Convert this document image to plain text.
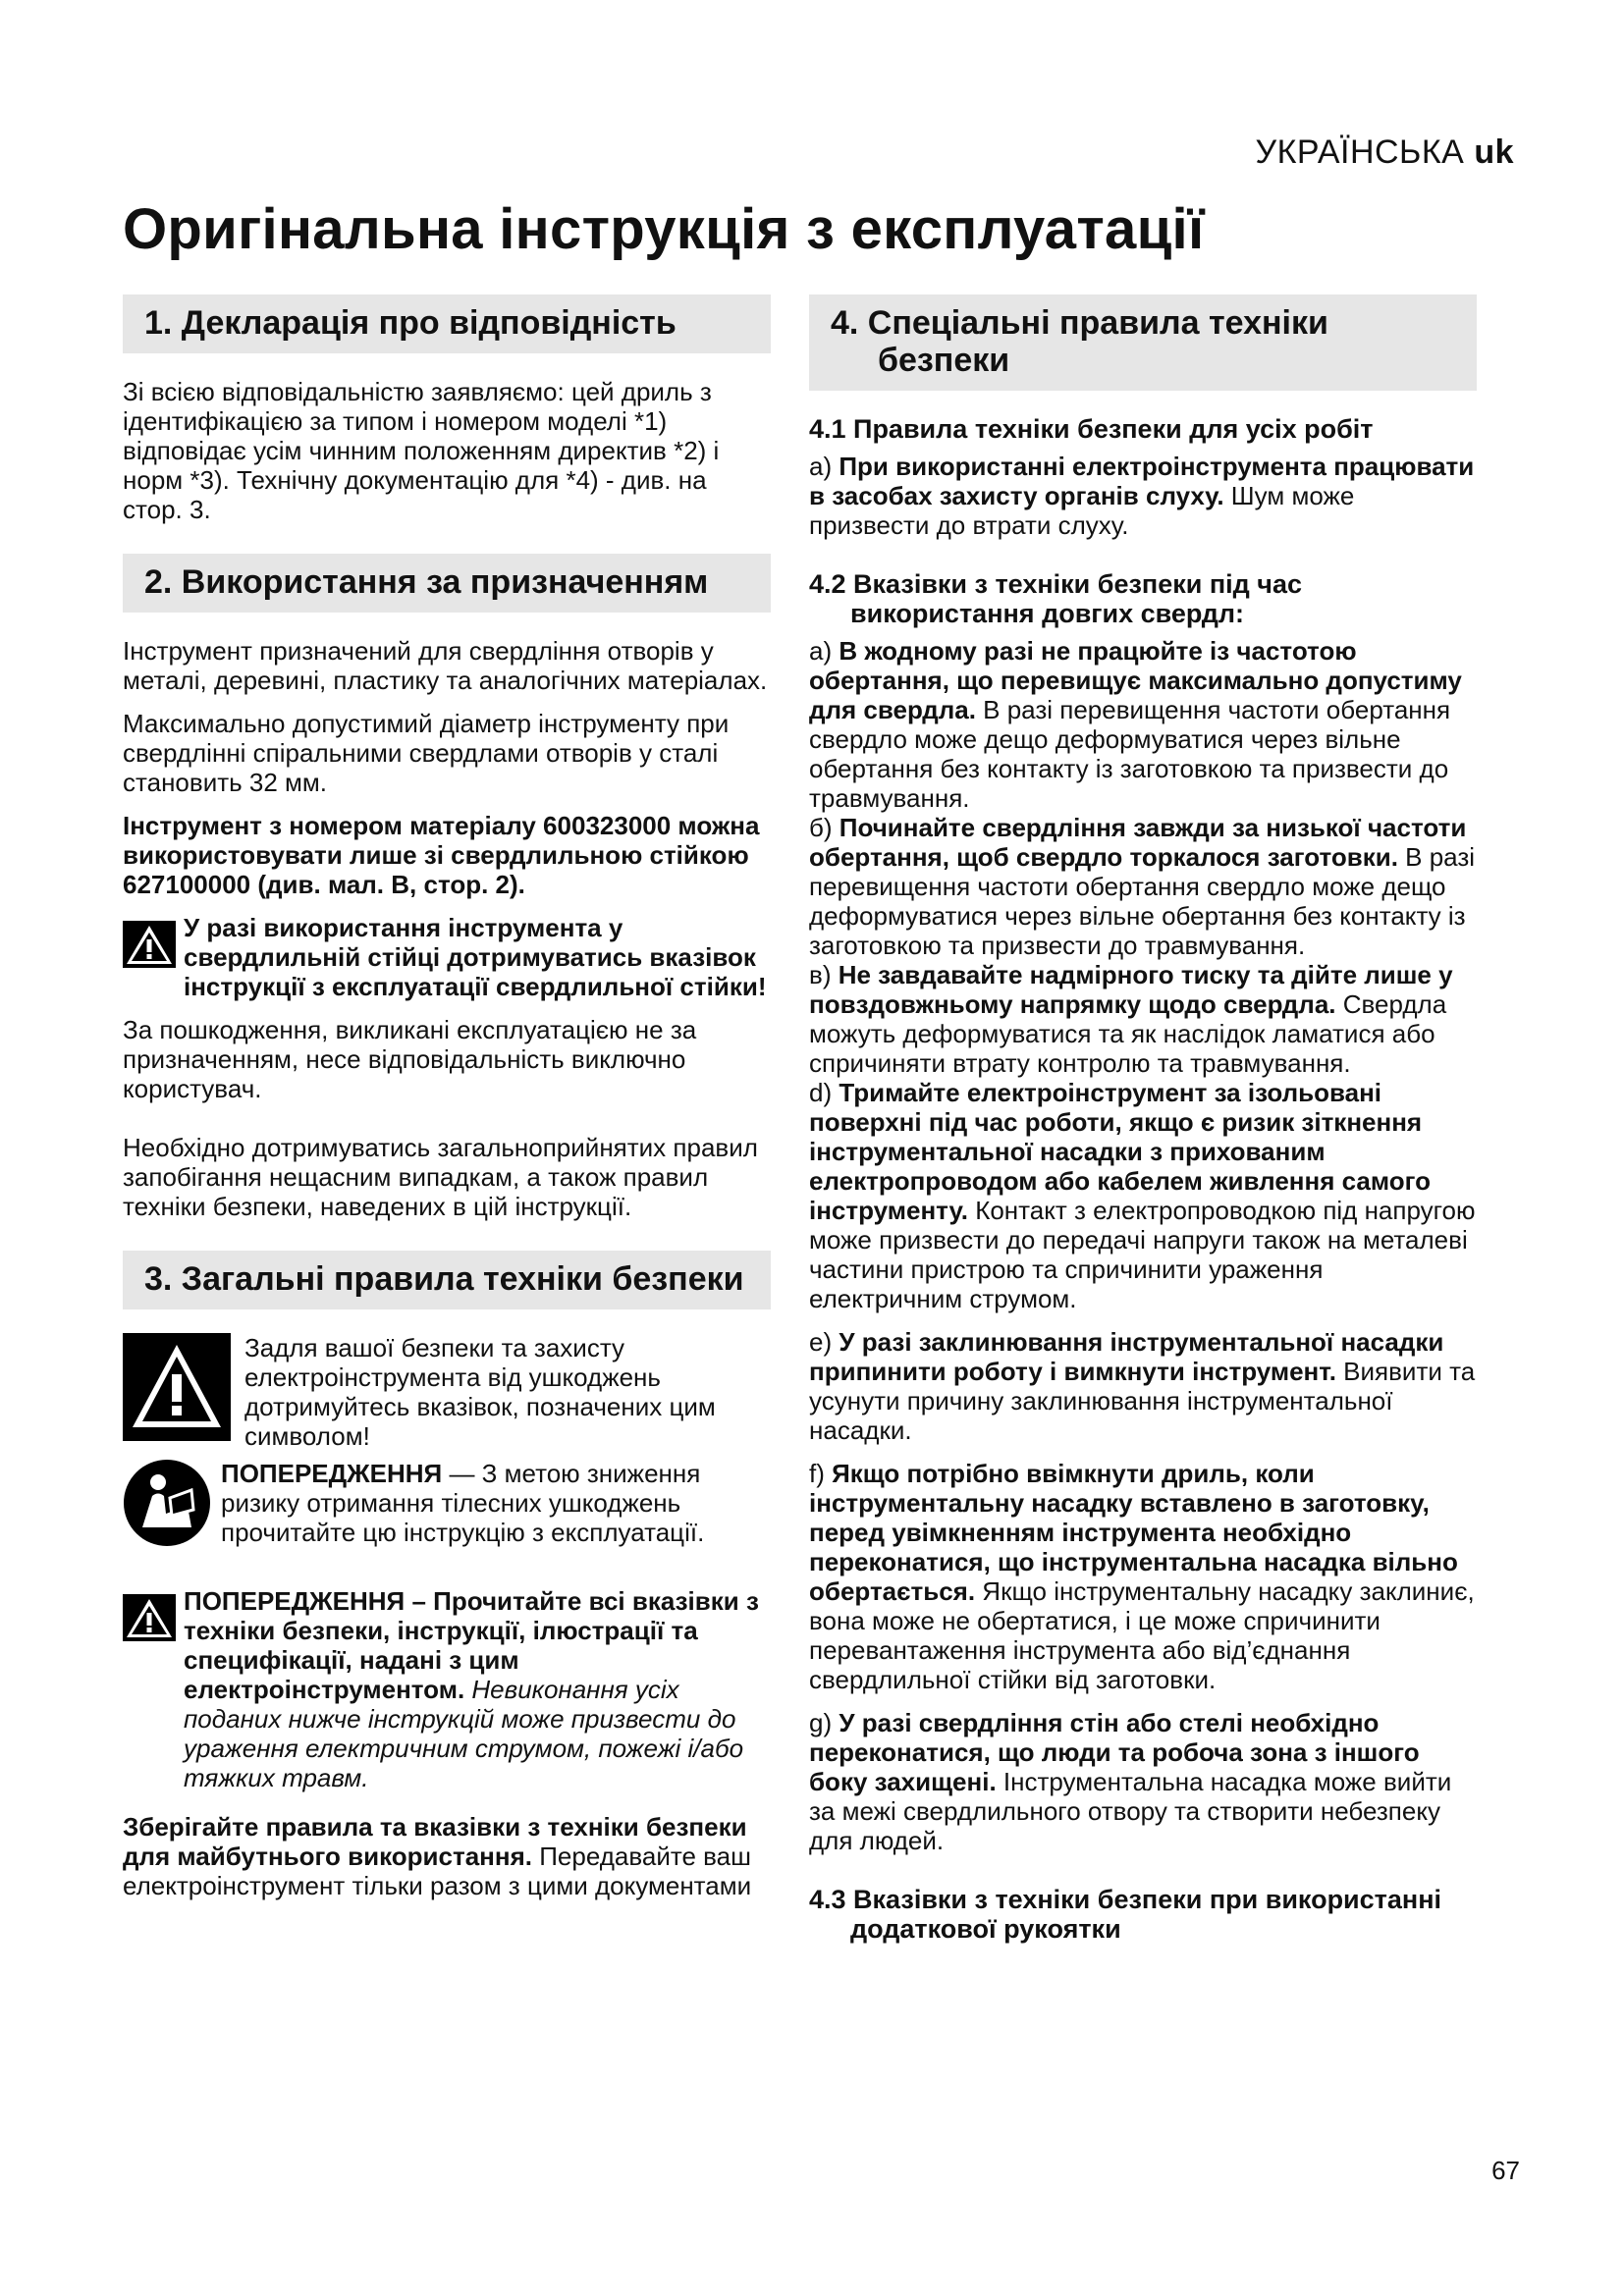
УКРАЇНСЬКА uk
Оригінальна інструкція з експлуатації
1. Декларація про відповідність

Зі всією відповідальністю заявляємо: цей дриль з ідентифікацією за типом і номером моделі *1) відповідає усім чинним положенням директив *2) і норм *3). Технічну документацію для *4) - див. на стор. 3.

2. Використання за призначенням

Інструмент призначений для свердління отворів у металі, деревині, пластику та аналогічних матеріалах.

Максимально допустимий діаметр інструменту при свердлінні спіральними свердлами отворів у сталі становить 32 мм.

Інструмент з номером матеріалу 600323000 можна використовувати лише зі свердлильною стійкою 627100000 (див. мал. B, стор. 2).

У разі використання інструмента у свердлильній стійці дотримуватись вказівок інструкції з експлуатації свердлильної стійки!

За пошкодження, викликані експлуатацією не за призначенням, несе відповідальність виключно користувач.

Необхідно дотримуватись загальноприйнятих правил запобігання нещасним випадкам, а також правил техніки безпеки, наведених в цій інструкції.

3. Загальні правила техніки безпеки

Задля вашої безпеки та захисту електроінструмента від ушкоджень дотримуйтесь вказівок, позначених цим символом!

ПОПЕРЕДЖЕННЯ — З метою зниження ризику отримання тілесних ушкоджень прочитайте цю інструкцію з експлуатації.

ПОПЕРЕДЖЕННЯ – Прочитайте всі вказівки з техніки безпеки, інструкції, ілюстрації та специфікації, надані з цим електроінструментом. Невиконання усіх поданих нижче інструкцій може призвести до ураження електричним струмом, пожежі і/або тяжких травм.

Зберігайте правила та вказівки з техніки безпеки для майбутнього використання. Передавайте ваш електроінструмент тільки разом з цими документами

4. Спеціальні правила техніки безпеки

4.1 Правила техніки безпеки для усіх робіт

а) При використанні електроінструмента працювати в засобах захисту органів слуху. Шум може призвести до втрати слуху.

4.2 Вказівки з техніки безпеки під час використання довгих свердл:

а) В жодному разі не працюйте із частотою обертання, що перевищує максимально допустиму для свердла. В разі перевищення частоти обертання свердло може дещо деформуватися через вільне обертання без контакту із заготовкою та призвести до травмування.

б) Починайте свердління завжди за низької частоти обертання, щоб свердло торкалося заготовки. В разі перевищення частоти обертання свердло може дещо деформуватися через вільне обертання без контакту із заготовкою та призвести до травмування.

в) Не завдавайте надмірного тиску та дійте лише у повздовжньому напрямку щодо свердла. Свердла можуть деформуватися та як наслідок ламатися або спричиняти втрату контролю та травмування.

d) Тримайте електроінструмент за ізольовані поверхні під час роботи, якщо є ризик зіткнення інструментальної насадки з прихованим електропроводом або кабелем живлення самого інструменту. Контакт з електропроводкою під напругою може призвести до передачі напруги також на металеві частини пристрою та спричинити ураження електричним струмом.

e) У разі заклинювання інструментальної насадки припинити роботу і вимкнути інструмент. Виявити та усунути причину заклинювання інструментальної насадки.

f) Якщо потрібно ввімкнути дриль, коли інструментальну насадку вставлено в заготовку, перед увімкненням інструмента необхідно переконатися, що інструментальна насадка вільно обертається. Якщо інструментальну насадку заклиниє, вона може не обертатися, і це може спричинити перевантаження інструмента або від’єднання свердлильної стійки від заготовки.

g) У разі свердління стін або стелі необхідно переконатися, що люди та робоча зона з іншого боку захищені. Інструментальна насадка може вийти за межі свердлильного отвору та створити небезпеку для людей.

4.3 Вказівки з техніки безпеки при використанні додаткової рукоятки

67
